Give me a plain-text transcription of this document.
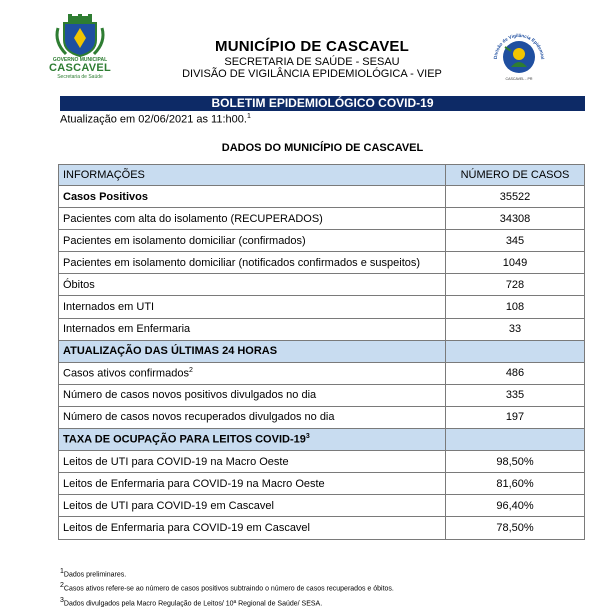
GOVERNO MUNICIPAL
CASCAVEL
Secretaria de Saúde
MUNICÍPIO DE CASCAVEL
SECRETARIA DE SAÚDE - SESAU
DIVISÃO DE VIGILÂNCIA EPIDEMIOLÓGICA - VIEP
Divisão de Vigilância Epidemiol
CASCAVEL - PR
BOLETIM EPIDEMIOLÓGICO COVID-19
Atualização em 02/06/2021 as 11:h00.$^1$
DADOS DO MUNICÍPIO DE CASCAVEL
INFORMAÇÕES	NÚMERO DE CASOS
Casos Positivos	35522
Pacientes com alta do isolamento (RECUPERADOS)	34308
Pacientes em isolamento domiciliar (confirmados)	345
Pacientes em isolamento domiciliar (notificados confirmados e suspeitos)	1049
Óbitos	728
Internados em UTI	108
Internados em Enfermaria	33
ATUALIZAÇÃO DAS ÚLTIMAS 24 HORAS	
Casos ativos confirmados$^2$	486
Número de casos novos positivos divulgados no dia	335
Número de casos novos recuperados divulgados no dia	197
TAXA DE OCUPAÇÃO PARA LEITOS COVID-$19^3$	
Leitos de UTI para COVID-19 na Macro Oeste	98,50%
Leitos de Enfermaria para COVID-19 na Macro Oeste	81,60%
Leitos de UTI para COVID-19 em Cascavel	96,40%
Leitos de Enfermaria para COVID-19 em Cascavel	78,50%
$^1$Dados preliminares.
$^2$Casos ativos refere-se ao número de casos positivos subtraindo o número de casos recuperados e óbitos.
$^3$Dados divulgados pela Macro Regulação de Leitos/ 10ª Regional de Saúde/ SESA.
